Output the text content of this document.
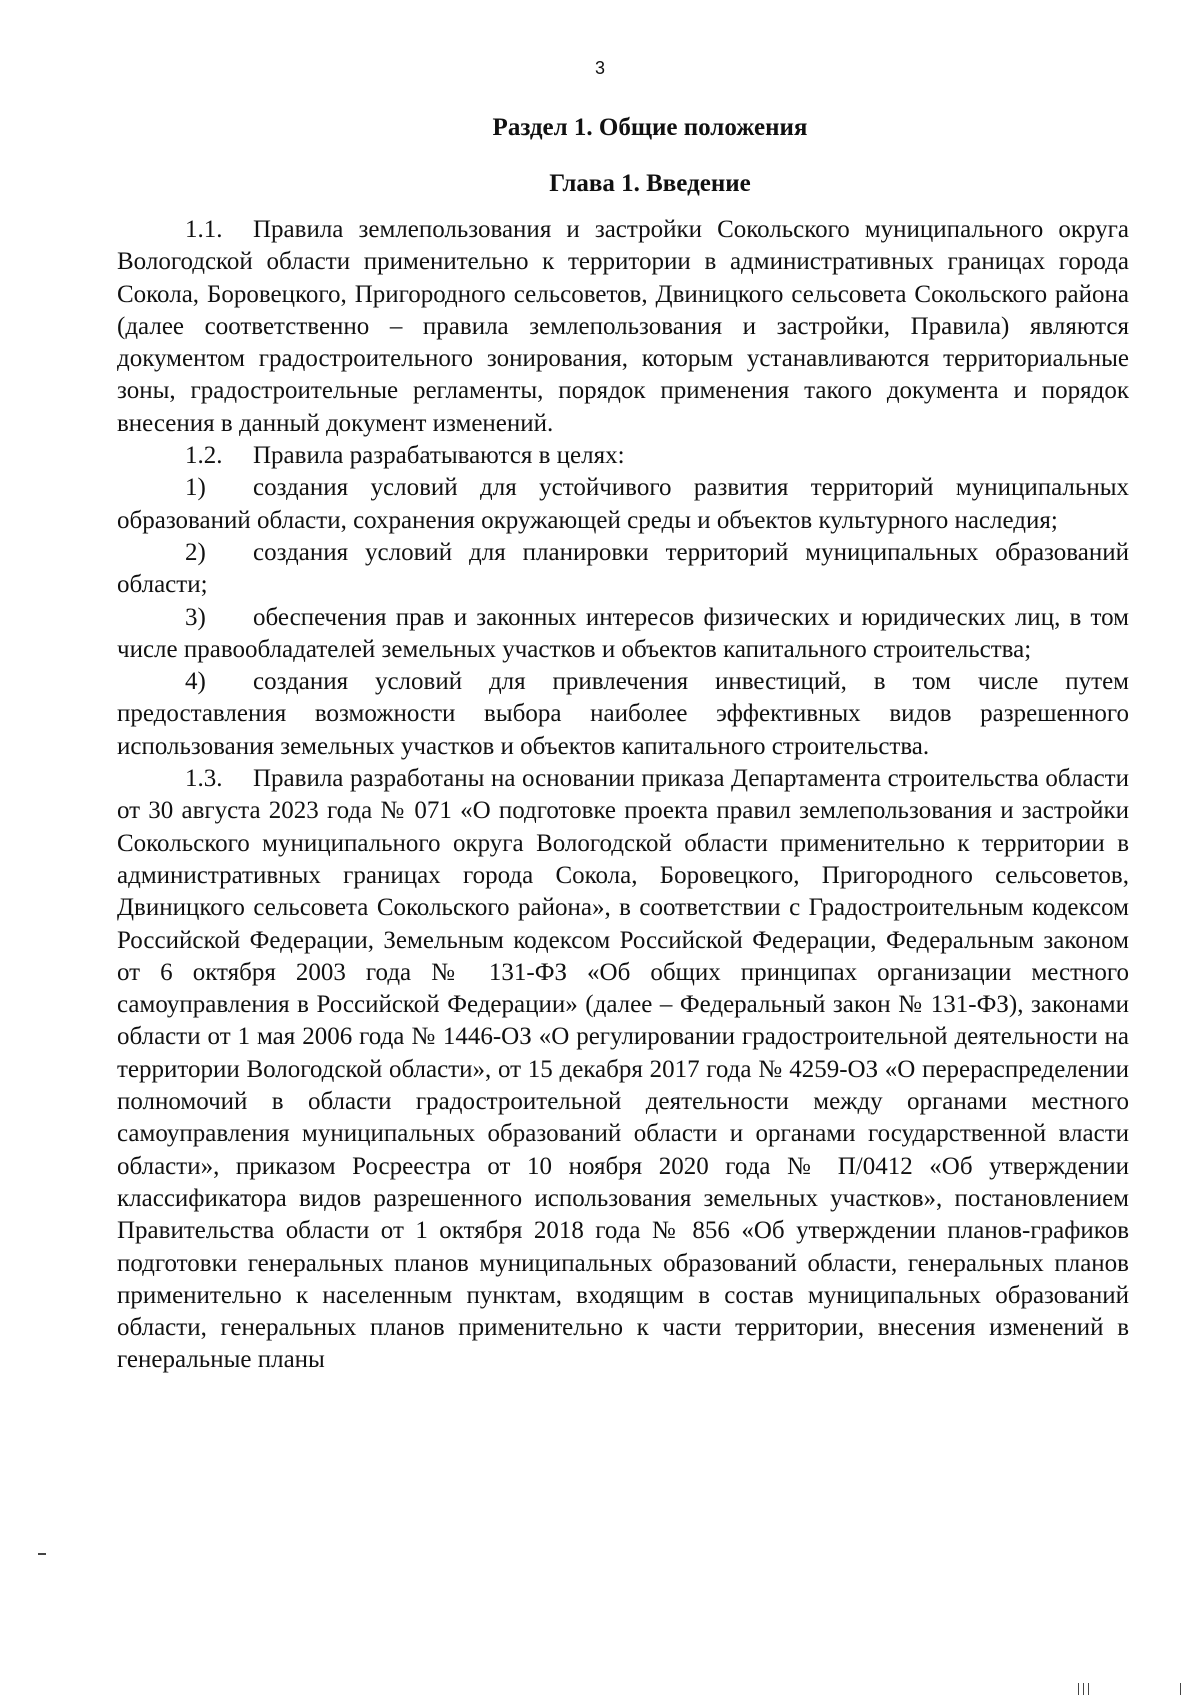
3
Раздел 1. Общие положения
Глава 1. Введение

1.1. Правила землепользования и застройки Сокольского муниципального округа Вологодской области применительно к территории в административных границах города Сокола, Боровецкого, Пригородного сельсоветов, Двиницкого сельсовета Сокольского района (далее соответственно – правила землепользования и застройки, Правила) являются документом градостроительного зонирования, которым устанавливаются территориальные зоны, градостроительные регламенты, порядок применения такого документа и порядок внесения в данный документ изменений.

1.2. Правила разрабатываются в целях:

1) создания условий для устойчивого развития территорий муниципальных образований области, сохранения окружающей среды и объектов культурного наследия;

2) создания условий для планировки территорий муниципальных образований области;

3) обеспечения прав и законных интересов физических и юридических лиц, в том числе правообладателей земельных участков и объектов капитального строительства;

4) создания условий для привлечения инвестиций, в том числе путем предоставления возможности выбора наиболее эффективных видов разрешенного использования земельных участков и объектов капитального строительства.

1.3. Правила разработаны на основании приказа Департамента строительства области от 30 августа 2023 года № 071 «О подготовке проекта правил землепользования и застройки Сокольского муниципального округа Вологодской области применительно к территории в административных границах города Сокола, Боровецкого, Пригородного сельсоветов, Двиницкого сельсовета Сокольского района», в соответствии с Градостроительным кодексом Российской Федерации, Земельным кодексом Российской Федерации, Федеральным законом от 6 октября 2003 года № 131-ФЗ «Об общих принципах организации местного самоуправления в Российской Федерации» (далее – Федеральный закон № 131-ФЗ), законами области от 1 мая 2006 года № 1446-ОЗ «О регулировании градостроительной деятельности на территории Вологодской области», от 15 декабря 2017 года № 4259-ОЗ «О перераспределении полномочий в области градостроительной деятельности между органами местного самоуправления муниципальных образований области и органами государственной власти области», приказом Росреестра от 10 ноября 2020 года № П/0412 «Об утверждении классификатора видов разрешенного использования земельных участков», постановлением Правительства области от 1 октября 2018 года № 856 «Об утверждении планов-графиков подготовки генеральных планов муниципальных образований области, генеральных планов применительно к населенным пунктам, входящим в состав муниципальных образований области, генеральных планов применительно к части территории, внесения изменений в генеральные планы
